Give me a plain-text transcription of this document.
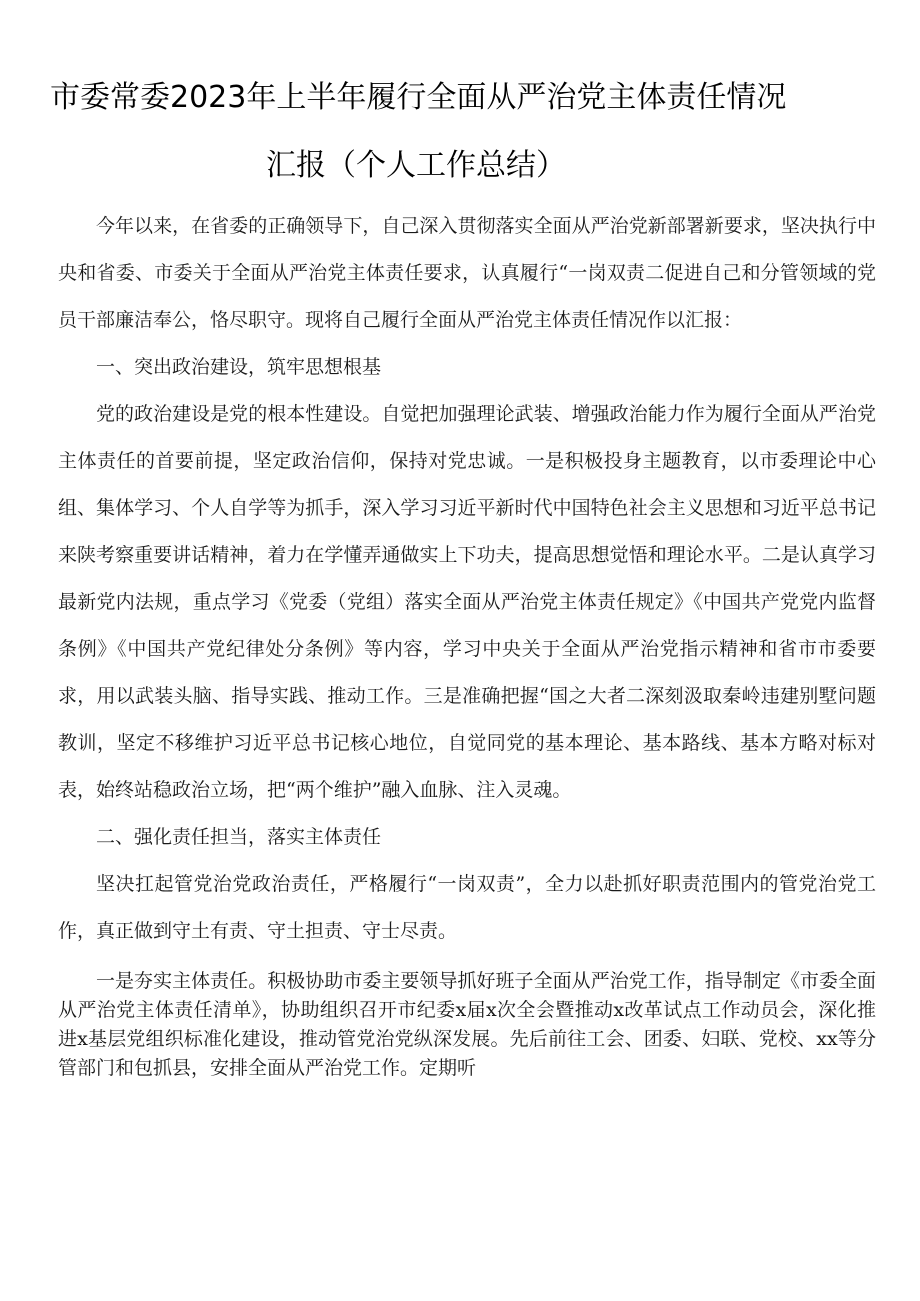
市委常委2023年上半年履行全面从严治党主体责任情况
汇报（个人工作总结）

今年以来，在省委的正确领导下，自己深入贯彻落实全面从严治党新部署新要求，坚决执行中央和省委、市委关于全面从严治党主体责任要求，认真履行“一岗双责二促进自己和分管领域的党员干部廉洁奉公，恪尽职守。现将自己履行全面从严治党主体责任情况作以汇报：

一、突出政治建设，筑牢思想根基

党的政治建设是党的根本性建设。自觉把加强理论武装、增强政治能力作为履行全面从严治党主体责任的首要前提，坚定政治信仰，保持对党忠诚。一是积极投身主题教育，以市委理论中心组、集体学习、个人自学等为抓手，深入学习习近平新时代中国特色社会主义思想和习近平总书记来陕考察重要讲话精神，着力在学懂弄通做实上下功夫，提高思想觉悟和理论水平。二是认真学习最新党内法规，重点学习《党委（党组）落实全面从严治党主体责任规定》《中国共产党党内监督条例》《中国共产党纪律处分条例》等内容，学习中央关于全面从严治党指示精神和省市市委要求，用以武装头脑、指导实践、推动工作。三是准确把握“国之大者二深刻汲取秦岭违建别墅问题教训，坚定不移维护习近平总书记核心地位，自觉同党的基本理论、基本路线、基本方略对标对表，始终站稳政治立场，把“两个维护”融入血脉、注入灵魂。

二、强化责任担当，落实主体责任

坚决扛起管党治党政治责任，严格履行“一岗双责”，全力以赴抓好职责范围内的管党治党工作，真正做到守土有责、守土担责、守士尽责。

一是夯实主体责任。积极协助市委主要领导抓好班子全面从严治党工作，指导制定《市委全面从严治党主体责任清单》，协助组织召开市纪委x届x次全会暨推动x改革试点工作动员会，深化推进x基层党组织标准化建设，推动管党治党纵深发展。先后前往工会、团委、妇联、党校、xx等分管部门和包抓县，安排全面从严治党工作。定期听
